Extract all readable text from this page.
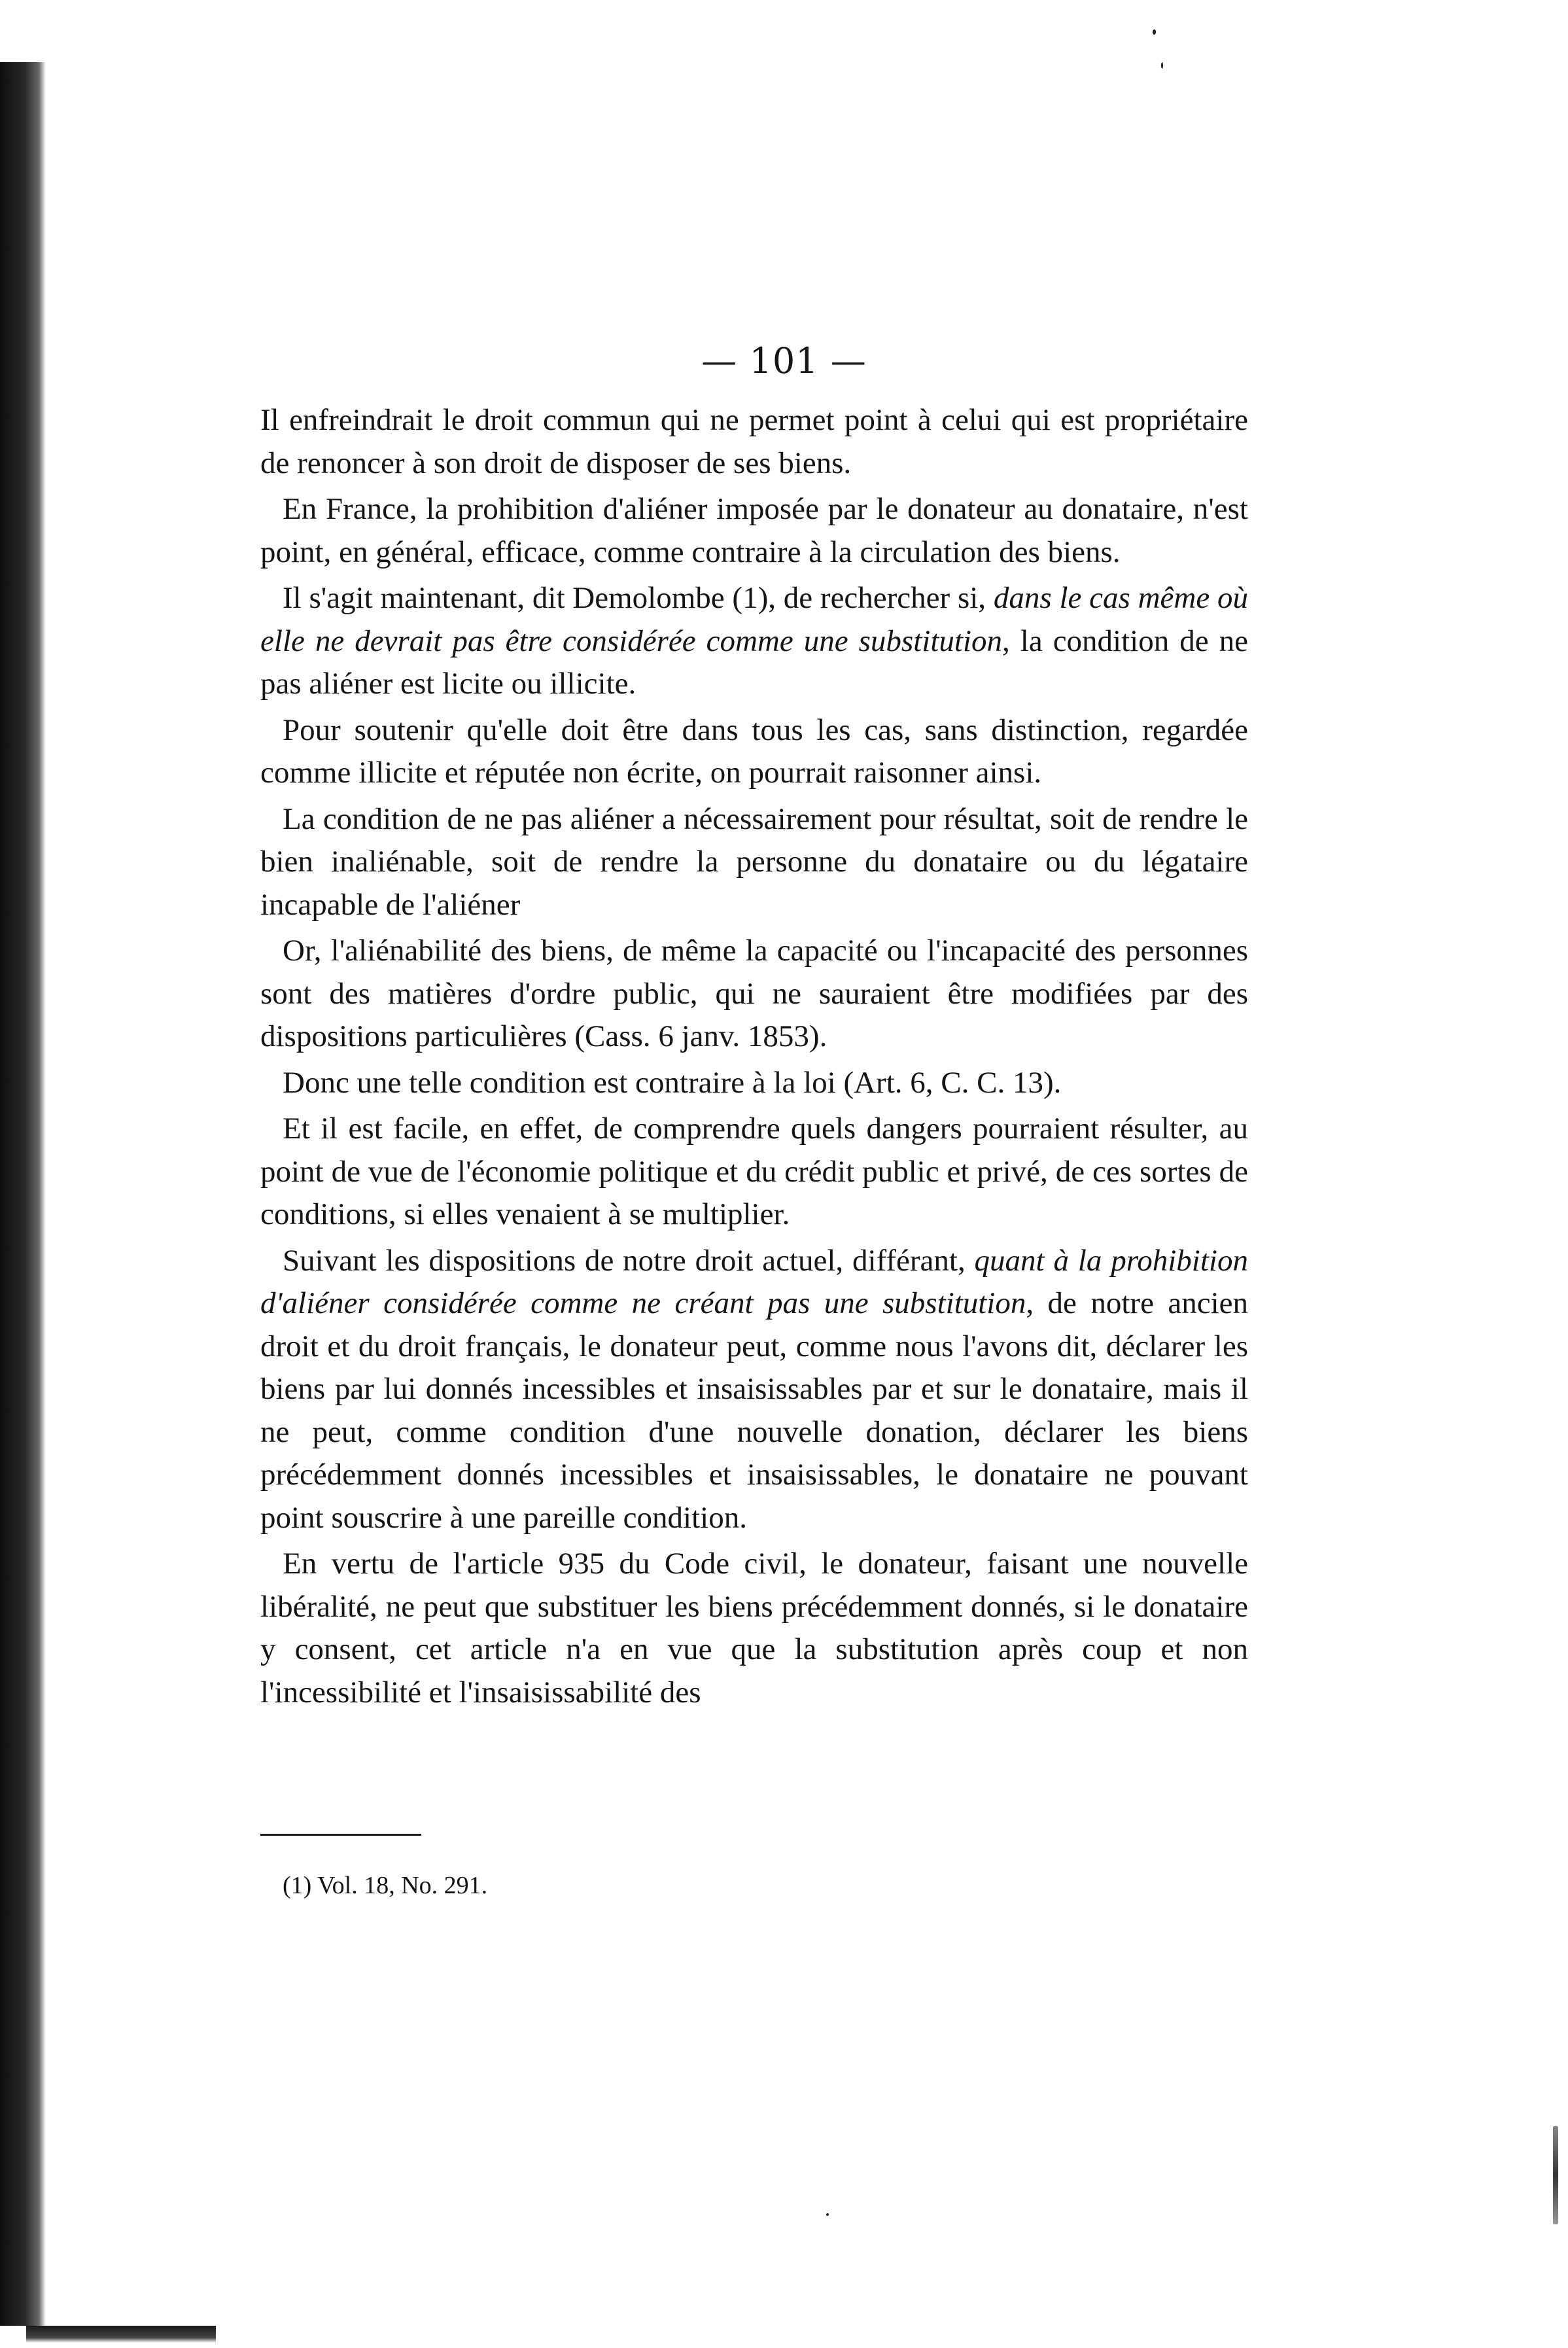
— 101 —

Il enfreindrait le droit commun qui ne permet point à celui qui est propriétaire de renoncer à son droit de disposer de ses biens.

En France, la prohibition d'aliéner imposée par le donateur au donataire, n'est point, en général, efficace, comme contraire à la circulation des biens.

Il s'agit maintenant, dit Demolombe (1), de rechercher si, dans le cas même où elle ne devrait pas être considérée comme une substitution, la condition de ne pas aliéner est licite ou illicite.

Pour soutenir qu'elle doit être dans tous les cas, sans distinction, regardée comme illicite et réputée non écrite, on pourrait raisonner ainsi.

La condition de ne pas aliéner a nécessairement pour résultat, soit de rendre le bien inaliénable, soit de rendre la personne du donataire ou du légataire incapable de l'aliéner

Or, l'aliénabilité des biens, de même la capacité ou l'incapacité des personnes sont des matières d'ordre public, qui ne sauraient être modifiées par des dispositions particulières (Cass. 6 janv. 1853).

Donc une telle condition est contraire à la loi (Art. 6, C. C. 13).

Et il est facile, en effet, de comprendre quels dangers pourraient résulter, au point de vue de l'économie politique et du crédit public et privé, de ces sortes de conditions, si elles venaient à se multiplier.

Suivant les dispositions de notre droit actuel, différant, quant à la prohibition d'aliéner considérée comme ne créant pas une substitution, de notre ancien droit et du droit français, le donateur peut, comme nous l'avons dit, déclarer les biens par lui donnés incessibles et insaisissables par et sur le donataire, mais il ne peut, comme condition d'une nouvelle donation, déclarer les biens précédemment donnés incessibles et insaisissables, le donataire ne pouvant point souscrire à une pareille condition.

En vertu de l'article 935 du Code civil, le donateur, faisant une nouvelle libéralité, ne peut que substituer les biens précédemment donnés, si le donataire y consent, cet article n'a en vue que la substitution après coup et non l'incessibilité et l'insaisissabilité des

(1) Vol. 18, No. 291.
